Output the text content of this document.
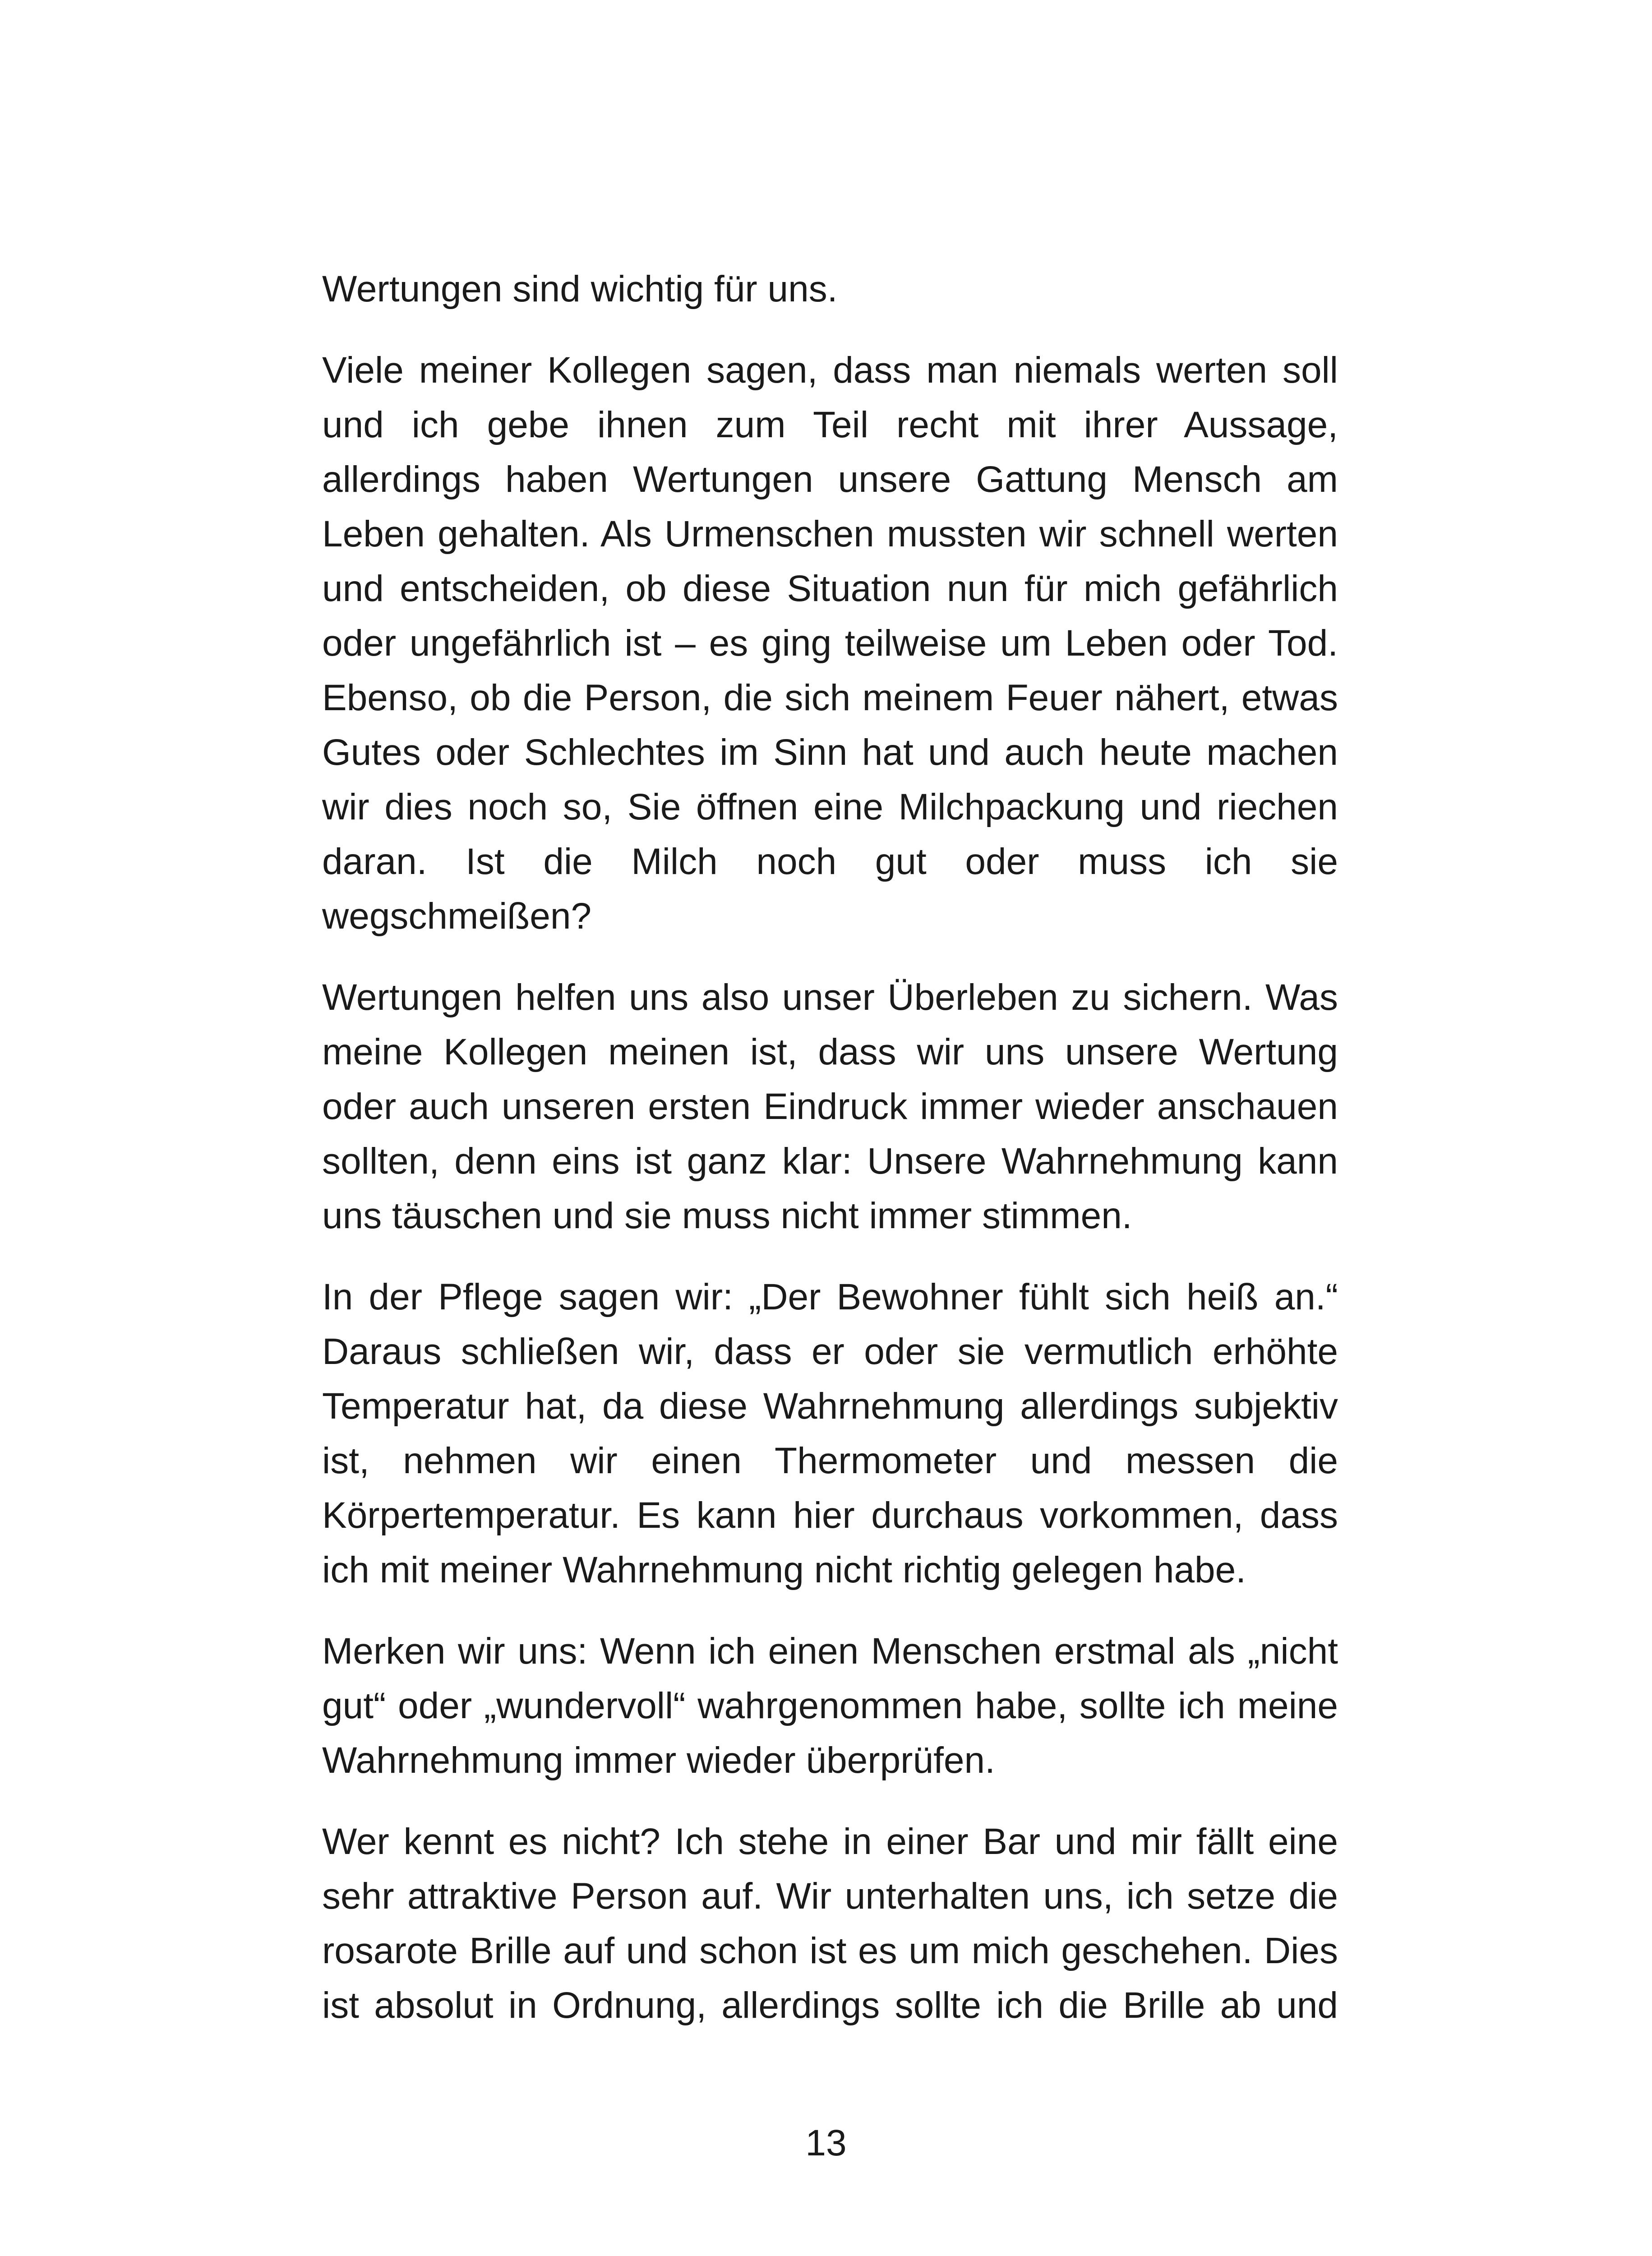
Wertungen sind wichtig für uns.

Viele meiner Kollegen sagen, dass man niemals werten soll und ich gebe ihnen zum Teil recht mit ihrer Aussage, allerdings haben Wertungen unsere Gattung Mensch am Leben gehalten. Als Urmenschen mussten wir schnell werten und entscheiden, ob diese Situation nun für mich gefährlich oder ungefährlich ist – es ging teilweise um Leben oder Tod. Ebenso, ob die Person, die sich meinem Feuer nähert, etwas Gutes oder Schlechtes im Sinn hat und auch heute machen wir dies noch so, Sie öffnen eine Milchpackung und riechen daran. Ist die Milch noch gut oder muss ich sie wegschmeißen?

Wertungen helfen uns also unser Überleben zu sichern. Was meine Kollegen meinen ist, dass wir uns unsere Wertung oder auch unseren ersten Eindruck immer wieder anschauen sollten, denn eins ist ganz klar: Unsere Wahrnehmung kann uns täuschen und sie muss nicht immer stimmen.

In der Pflege sagen wir: „Der Bewohner fühlt sich heiß an.“ Daraus schließen wir, dass er oder sie vermutlich erhöhte Temperatur hat, da diese Wahrnehmung allerdings subjektiv ist, nehmen wir einen Thermometer und messen die Körpertemperatur. Es kann hier durchaus vorkommen, dass ich mit meiner Wahrnehmung nicht richtig gelegen habe.

Merken wir uns: Wenn ich einen Menschen erstmal als „nicht gut“ oder „wundervoll“ wahrgenommen habe, sollte ich meine Wahrnehmung immer wieder überprüfen.

Wer kennt es nicht? Ich stehe in einer Bar und mir fällt eine sehr attraktive Person auf. Wir unterhalten uns, ich setze die rosarote Brille auf und schon ist es um mich geschehen. Dies ist absolut in Ordnung, allerdings sollte ich die Brille ab und

13
